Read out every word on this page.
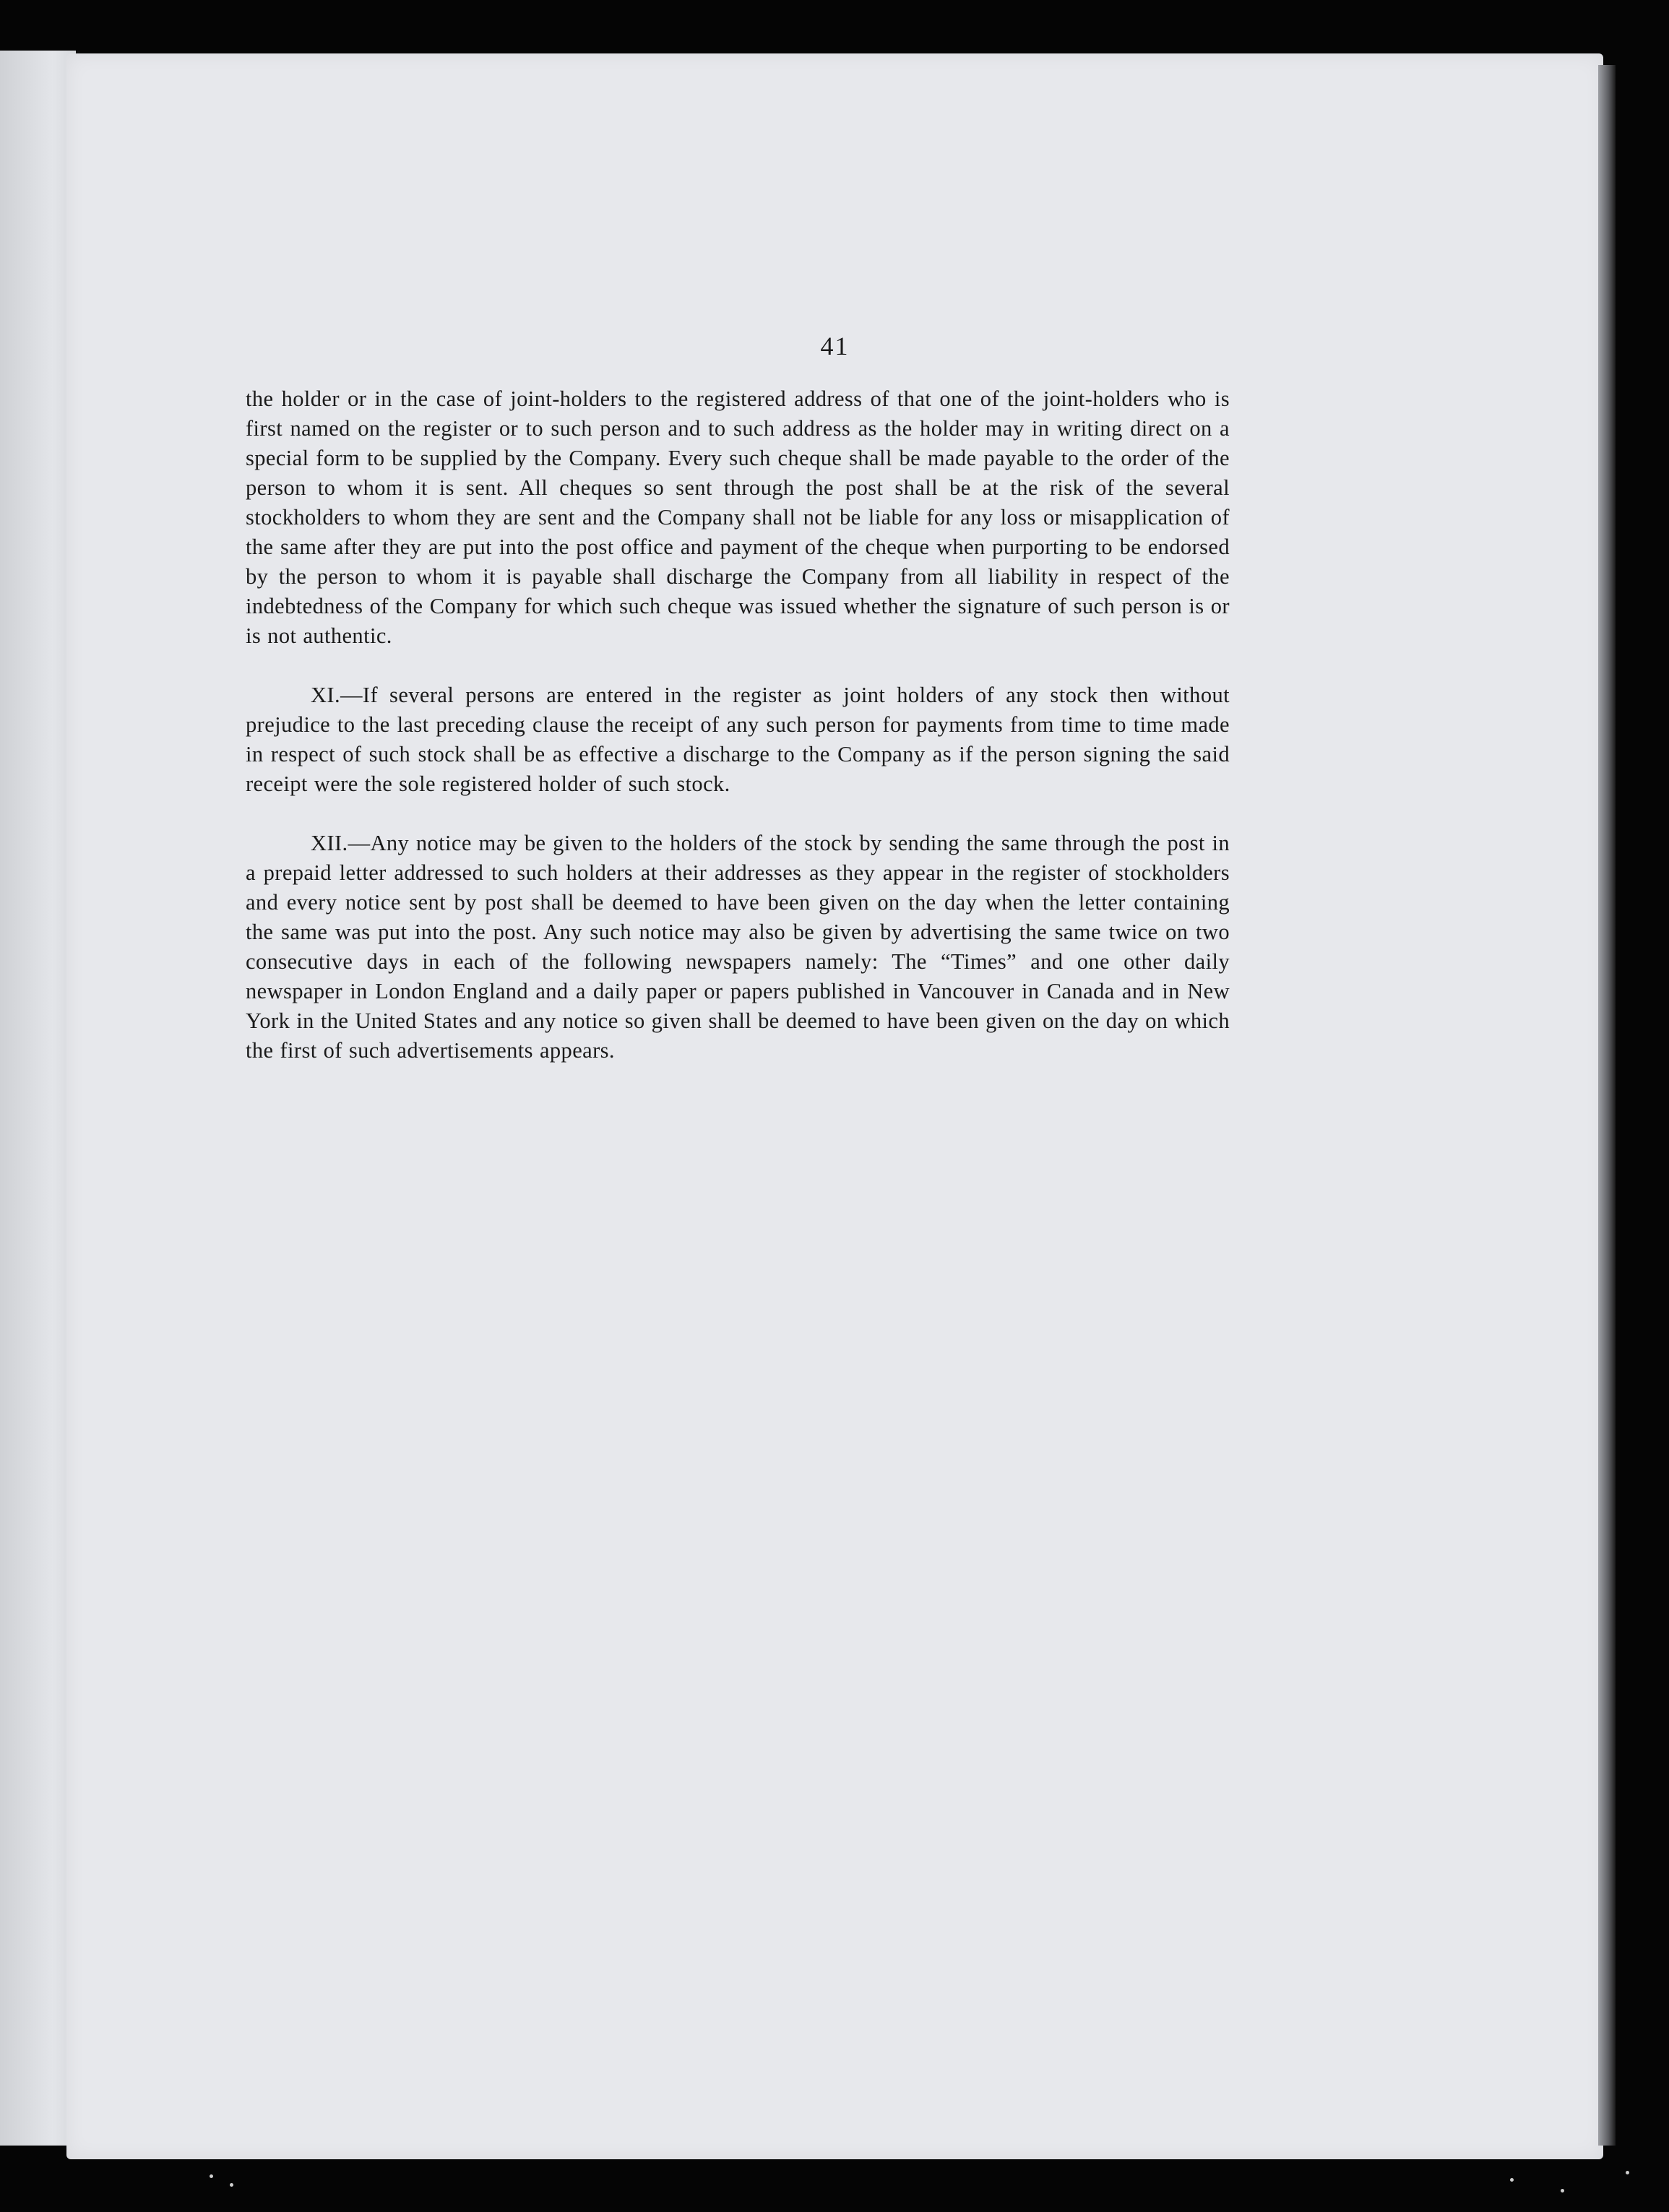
41

the holder or in the case of joint-holders to the registered address of that one of the joint-holders who is first named on the register or to such person and to such address as the holder may in writing direct on a special form to be supplied by the Company. Every such cheque shall be made payable to the order of the person to whom it is sent. All cheques so sent through the post shall be at the risk of the several stockholders to whom they are sent and the Company shall not be liable for any loss or misapplication of the same after they are put into the post office and payment of the cheque when purporting to be endorsed by the person to whom it is payable shall discharge the Company from all liability in respect of the indebtedness of the Company for which such cheque was issued whether the signature of such person is or is not authentic.

XI.—If several persons are entered in the register as joint holders of any stock then without prejudice to the last preceding clause the receipt of any such person for payments from time to time made in respect of such stock shall be as effective a discharge to the Company as if the person signing the said receipt were the sole registered holder of such stock.

XII.—Any notice may be given to the holders of the stock by sending the same through the post in a prepaid letter addressed to such holders at their addresses as they appear in the register of stockholders and every notice sent by post shall be deemed to have been given on the day when the letter containing the same was put into the post. Any such notice may also be given by advertising the same twice on two consecutive days in each of the following newspapers namely: The “Times” and one other daily newspaper in London England and a daily paper or papers published in Vancouver in Canada and in New York in the United States and any notice so given shall be deemed to have been given on the day on which the first of such advertisements appears.
